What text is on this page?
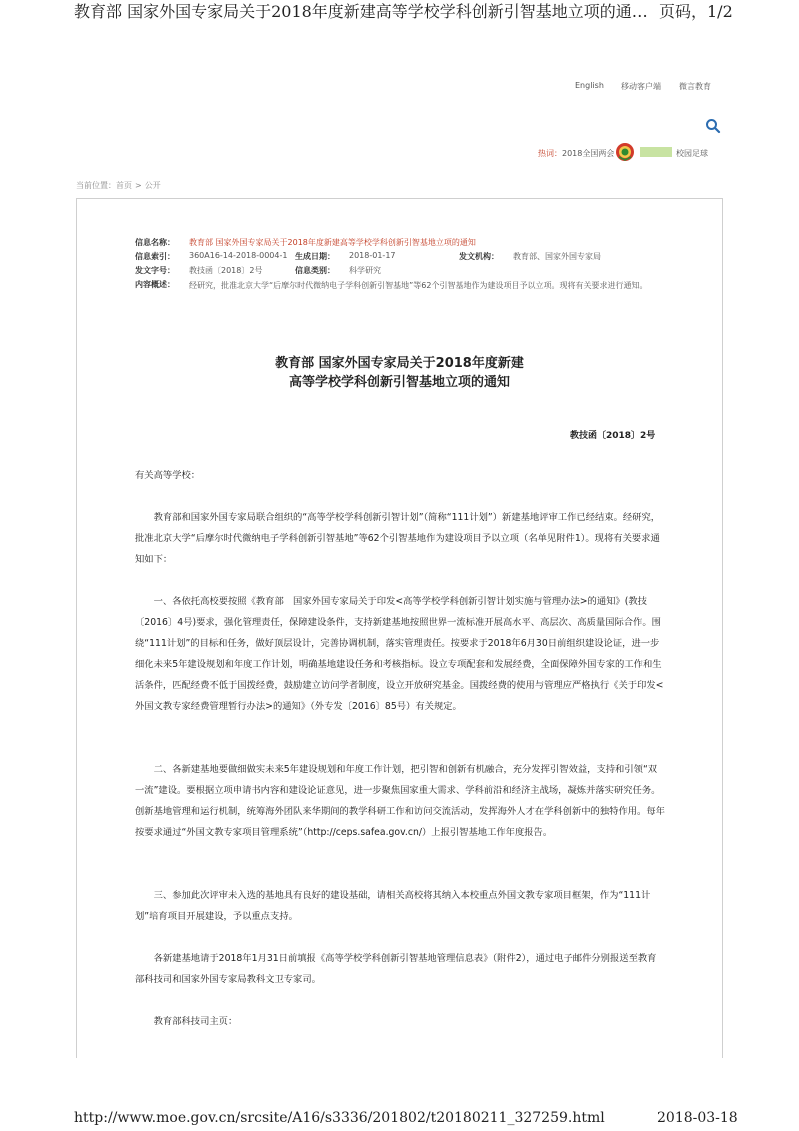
教育部 国家外国专家局关于2018年度新建高等学校学科创新引智基地立项的通… 页码，1/2
English 移动客户端 微言教育
热词： 2018全国两会	校园足球
当前位置：首页 > 公开
信息名称： 教育部 国家外国专家局关于2018年度新建高等学校学科创新引智基地立项的通知
信息索引： 360A16-14-2018-0004-1 生成日期： 2018-01-17	发文机构： 教育部、国家外国专家局
发文字号： 教技函〔2018〕2号	信息类别： 科学研究
内容概述： 经研究，批准北京大学“后摩尔时代微纳电子学科创新引智基地”等62个引智基地作为建设项目予以立项。现将有关要求进行通知。
教育部 国家外国专家局关于2018年度新建
高等学校学科创新引智基地立项的通知
教技函〔2018〕2号

有关高等学校：

教育部和国家外国专家局联合组织的“高等学校学科创新引智计划”（简称“111计划”）新建基地评审工作已经结束。经研究，批准北京大学“后摩尔时代微纳电子学科创新引智基地”等62个引智基地作为建设项目予以立项（名单见附件1）。现将有关要求通知如下：

一、各依托高校要按照《教育部　国家外国专家局关于印发<高等学校学科创新引智计划实施与管理办法>的通知》(教技〔2016〕4号)要求，强化管理责任，保障建设条件，支持新建基地按照世界一流标准开展高水平、高层次、高质量国际合作。围绕“111计划”的目标和任务，做好顶层设计，完善协调机制，落实管理责任。按要求于2018年6月30日前组织建设论证，进一步细化未来5年建设规划和年度工作计划，明确基地建设任务和考核指标。设立专项配套和发展经费，全面保障外国专家的工作和生活条件，匹配经费不低于国拨经费，鼓励建立访问学者制度，设立开放研究基金。国拨经费的使用与管理应严格执行《关于印发<外国文教专家经费管理暂行办法>的通知》（外专发〔2016〕85号）有关规定。

二、各新建基地要做细做实未来5年建设规划和年度工作计划，把引智和创新有机融合，充分发挥引智效益，支持和引领“双一流”建设。要根据立项申请书内容和建设论证意见，进一步聚焦国家重大需求、学科前沿和经济主战场，凝炼并落实研究任务。创新基地管理和运行机制，统筹海外团队来华期间的教学科研工作和访问交流活动，发挥海外人才在学科创新中的独特作用。每年按要求通过“外国文教专家项目管理系统”（http://ceps.safea.gov.cn/）上报引智基地工作年度报告。

三、参加此次评审未入选的基地具有良好的建设基础，请相关高校将其纳入本校重点外国文教专家项目框架，作为“111计划”培育项目开展建设，予以重点支持。

各新建基地请于2018年1月31日前填报《高等学校学科创新引智基地管理信息表》（附件2），通过电子邮件分别报送至教育部科技司和国家外国专家局教科文卫专家司。

教育部科技司主页：

http://www.moe.gov.cn/srcsite/A16/s3336/201802/t20180211_327259.html	2018-03-18
